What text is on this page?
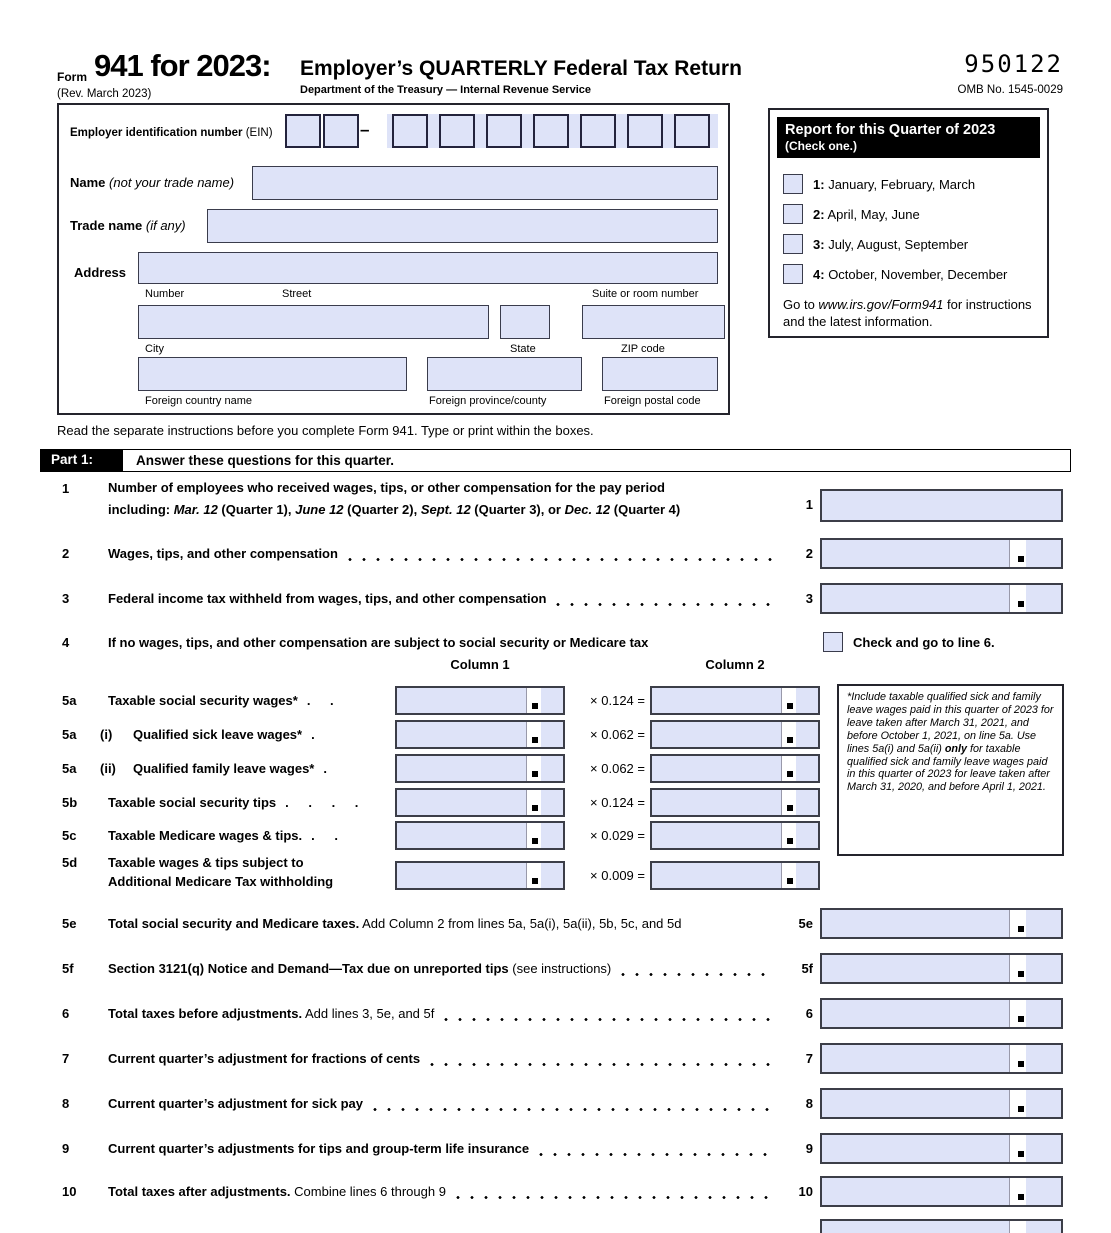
Form 941 for 2023:
(Rev. March 2023)
Employer’s QUARTERLY Federal Tax Return
Department of the Treasury — Internal Revenue Service
950122
OMB No. 1545-0029
Employer identification number (EIN)	–
Name (not your trade name)
Trade name (if any)
Address
Number	Street	Suite or room number
City	State	ZIP code
Foreign country name	Foreign province/county	Foreign postal code
Report for this Quarter of 2023
(Check one.)
1: January, February, March
2: April, May, June
3: July, August, September
4: October, November, December
Go to www.irs.gov/Form941 for instructions and the latest information.
Read the separate instructions before you complete Form 941. Type or print within the boxes.
Part 1:	Answer these questions for this quarter.
1	Number of employees who received wages, tips, or other compensation for the pay period
including: Mar. 12 (Quarter 1), June 12 (Quarter 2), Sept. 12 (Quarter 3), or Dec. 12 (Quarter 4)	1
2	Wages, tips, and other compensation	2
3	Federal income tax withheld from wages, tips, and other compensation	3
4	If no wages, tips, and other compensation are subject to social security or Medicare tax	Check and go to line 6.
Column 1	Column 2
5a	Taxable social security wages* . .	× 0.124 =
5a	(i)	Qualified sick leave wages* .	× 0.062 =
5a	(ii)	Qualified family leave wages* .	× 0.062 =
5b	Taxable social security tips . . . .	× 0.124 =
5c	Taxable Medicare wages & tips. . .	× 0.029 =
5d	Taxable wages & tips subject to
Additional Medicare Tax withholding	× 0.009 =
*Include taxable qualified sick and family leave wages paid in this quarter of 2023 for leave taken after March 31, 2021, and before October 1, 2021, on line 5a. Use lines 5a(i) and 5a(ii) only for taxable qualified sick and family leave wages paid in this quarter of 2023 for leave taken after March 31, 2020, and before April 1, 2021.
5e	Total social security and Medicare taxes. Add Column 2 from lines 5a, 5a(i), 5a(ii), 5b, 5c, and 5d	5e
5f	Section 3121(q) Notice and Demand—Tax due on unreported tips (see instructions)	5f
6	Total taxes before adjustments. Add lines 3, 5e, and 5f	6
7	Current quarter’s adjustment for fractions of cents	7
8	Current quarter’s adjustment for sick pay	8
9	Current quarter’s adjustments for tips and group-term life insurance	9
10	Total taxes after adjustments. Combine lines 6 through 9	10
